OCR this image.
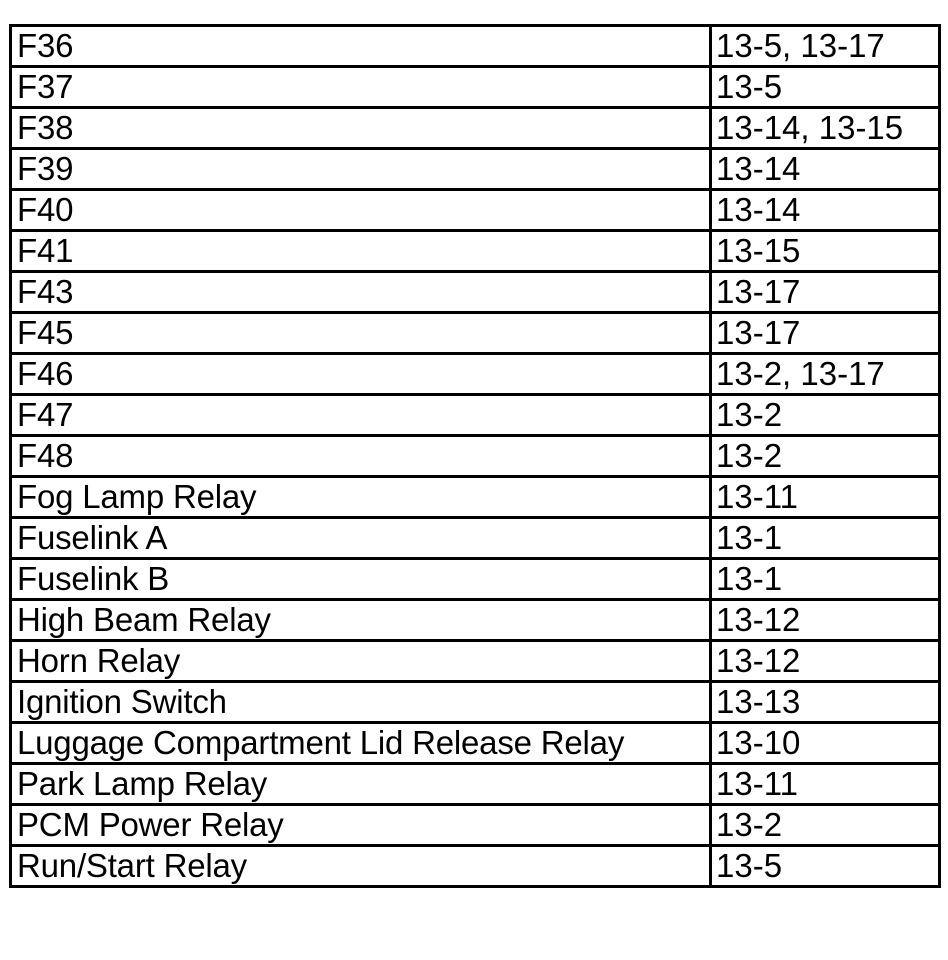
F36	13-5, 13-17
F37	13-5
F38	13-14, 13-15
F39	13-14
F40	13-14
F41	13-15
F43	13-17
F45	13-17
F46	13-2, 13-17
F47	13-2
F48	13-2
Fog Lamp Relay	13-11
Fuselink A	13-1
Fuselink B	13-1
High Beam Relay	13-12
Horn Relay	13-12
Ignition Switch	13-13
Luggage Compartment Lid Release Relay	13-10
Park Lamp Relay	13-11
PCM Power Relay	13-2
Run/Start Relay	13-5
